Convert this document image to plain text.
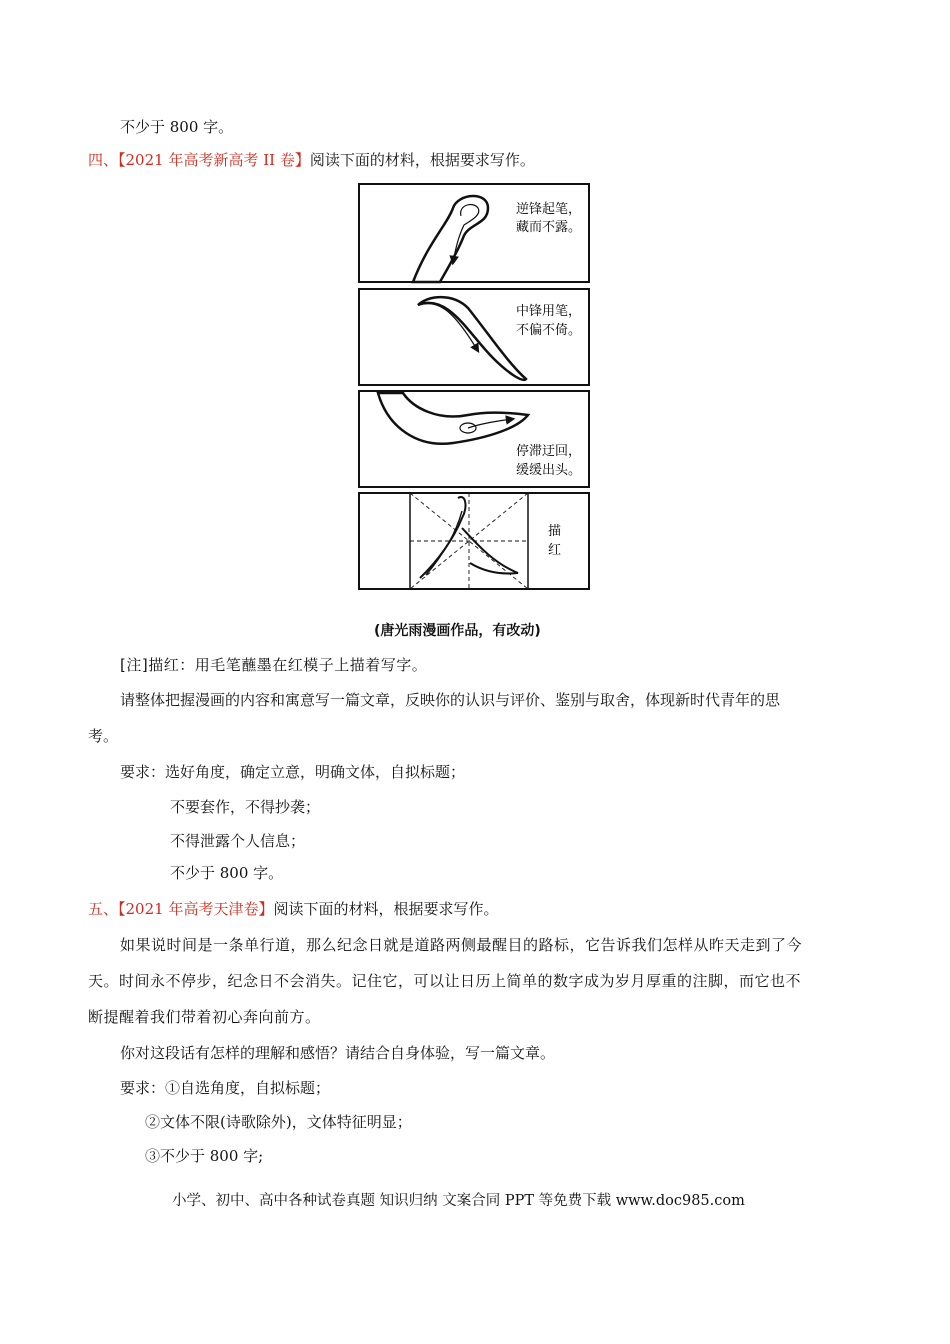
不少于 800 字。
四、【2021 年高考新高考 II 卷】阅读下面的材料，根据要求写作。
逆锋起笔，
藏而不露。
中锋用笔，
不偏不倚。
停滞迂回，
缓缓出头。
描
红
(唐光雨漫画作品，有改动)
[注]描红：用毛笔蘸墨在红模子上描着写字。
请整体把握漫画的内容和寓意写一篇文章，反映你的认识与评价、鉴别与取舍，体现新时代青年的思
考。
要求：选好角度，确定立意，明确文体，自拟标题；
不要套作，不得抄袭；
不得泄露个人信息；
不少于 800 字。
五、【2021 年高考天津卷】阅读下面的材料，根据要求写作。
如果说时间是一条单行道，那么纪念日就是道路两侧最醒目的路标，它告诉我们怎样从昨天走到了今
天。时间永不停步，纪念日不会消失。记住它，可以让日历上简单的数字成为岁月厚重的注脚，而它也不
断提醒着我们带着初心奔向前方。
你对这段话有怎样的理解和感悟？请结合自身体验，写一篇文章。
要求：①自选角度，自拟标题；
②文体不限(诗歌除外)，文体特征明显；
③不少于 800 字;
小学、初中、高中各种试卷真题 知识归纳 文案合同 PPT 等免费下载 www.doc985.com
